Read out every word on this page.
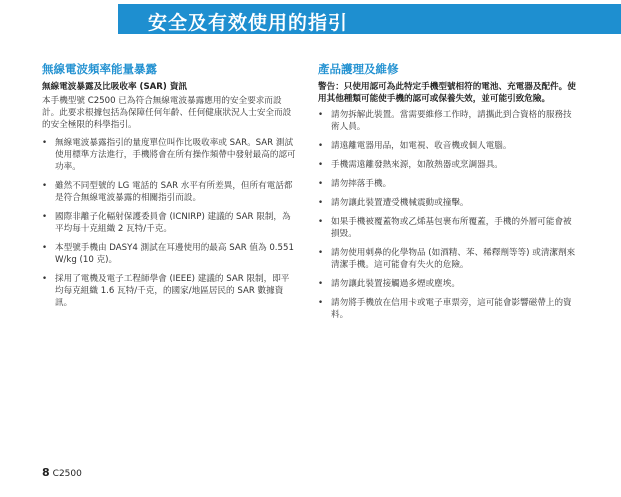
安全及有效使用的指引
無線電波頻率能量暴露
無線電波暴露及比吸收率 (SAR) 資訊
本手機型號 C2500 已為符合無線電波暴露應用的安全要求而設計。此要求根據包括為保障任何年齡、任何健康狀況人士安全而設的安全極限的科學指引。
• 無線電波暴露指引的量度單位叫作比吸收率或 SAR。SAR 測試使用標準方法進行，手機將會在所有操作頻帶中發射最高的認可功率。
• 雖然不同型號的 LG 電話的 SAR 水平有所差異，但所有電話都是符合無線電波暴露的相關指引而設。
• 國際非離子化輻射保護委員會 (ICNIRP) 建議的 SAR 限制，為平均每十克組織 2 瓦特/千克。
• 本型號手機由 DASY4 測試在耳邊使用的最高 SAR 值為 0.551 W/kg (10 克)。
• 採用了電機及電子工程師學會 (IEEE) 建議的 SAR 限制，即平均每克組織 1.6 瓦特/千克，的國家/地區居民的 SAR 數據資訊。
產品護理及維修
警告：只使用認可為此特定手機型號相符的電池、充電器及配件。使用其他種類可能使手機的認可或保養失效，並可能引致危險。
• 請勿拆解此裝置。當需要維修工作時，請攜此到合資格的服務技術人員。
• 請遠離電器用品，如電視、收音機或個人電腦。
• 手機需遠離發熱來源，如散熱器或烹調器具。
• 請勿摔落手機。
• 請勿讓此裝置遭受機械震動或撞擊。
• 如果手機被覆蓋物或乙烯基包裹布所覆蓋，手機的外層可能會被損毀。
• 請勿使用刺鼻的化學物品 (如酒精、苯、稀釋劑等等) 或清潔劑來清潔手機。這可能會有失火的危險。
• 請勿讓此裝置接觸過多煙或塵埃。
• 請勿將手機放在信用卡或電子車票旁，這可能會影響磁帶上的資料。
8 C2500
